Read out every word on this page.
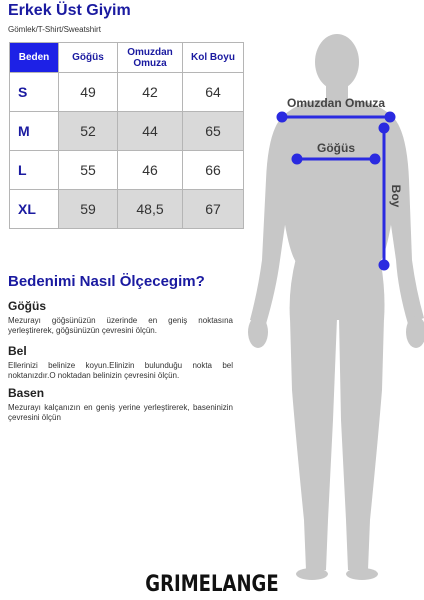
Erkek Üst Giyim
Gömlek/T-Shirt/Sweatshirt
Beden	Göğüs	Omuzdan Omuza	Kol Boyu
S	49	42	64
M	52	44	65
L	55	46	66
XL	59	48,5	67
Bedenimi Nasıl Ölçecegim?
Göğüs
Mezurayı göğsünüzün üzerinde en geniş noktasına yerleştirerek, göğsünüzün çevresini ölçün.
Bel
Ellerinizi belinize koyun.Elinizin bulunduğu nokta bel noktanızdır.O noktadan belinizin çevresini ölçün.
Basen
Mezurayı kalçanızın en geniş yerine yerleştirerek, baseninizin çevresini ölçün
Omuzdan Omuza
Göğüs
Boy
GRIMELANGE
